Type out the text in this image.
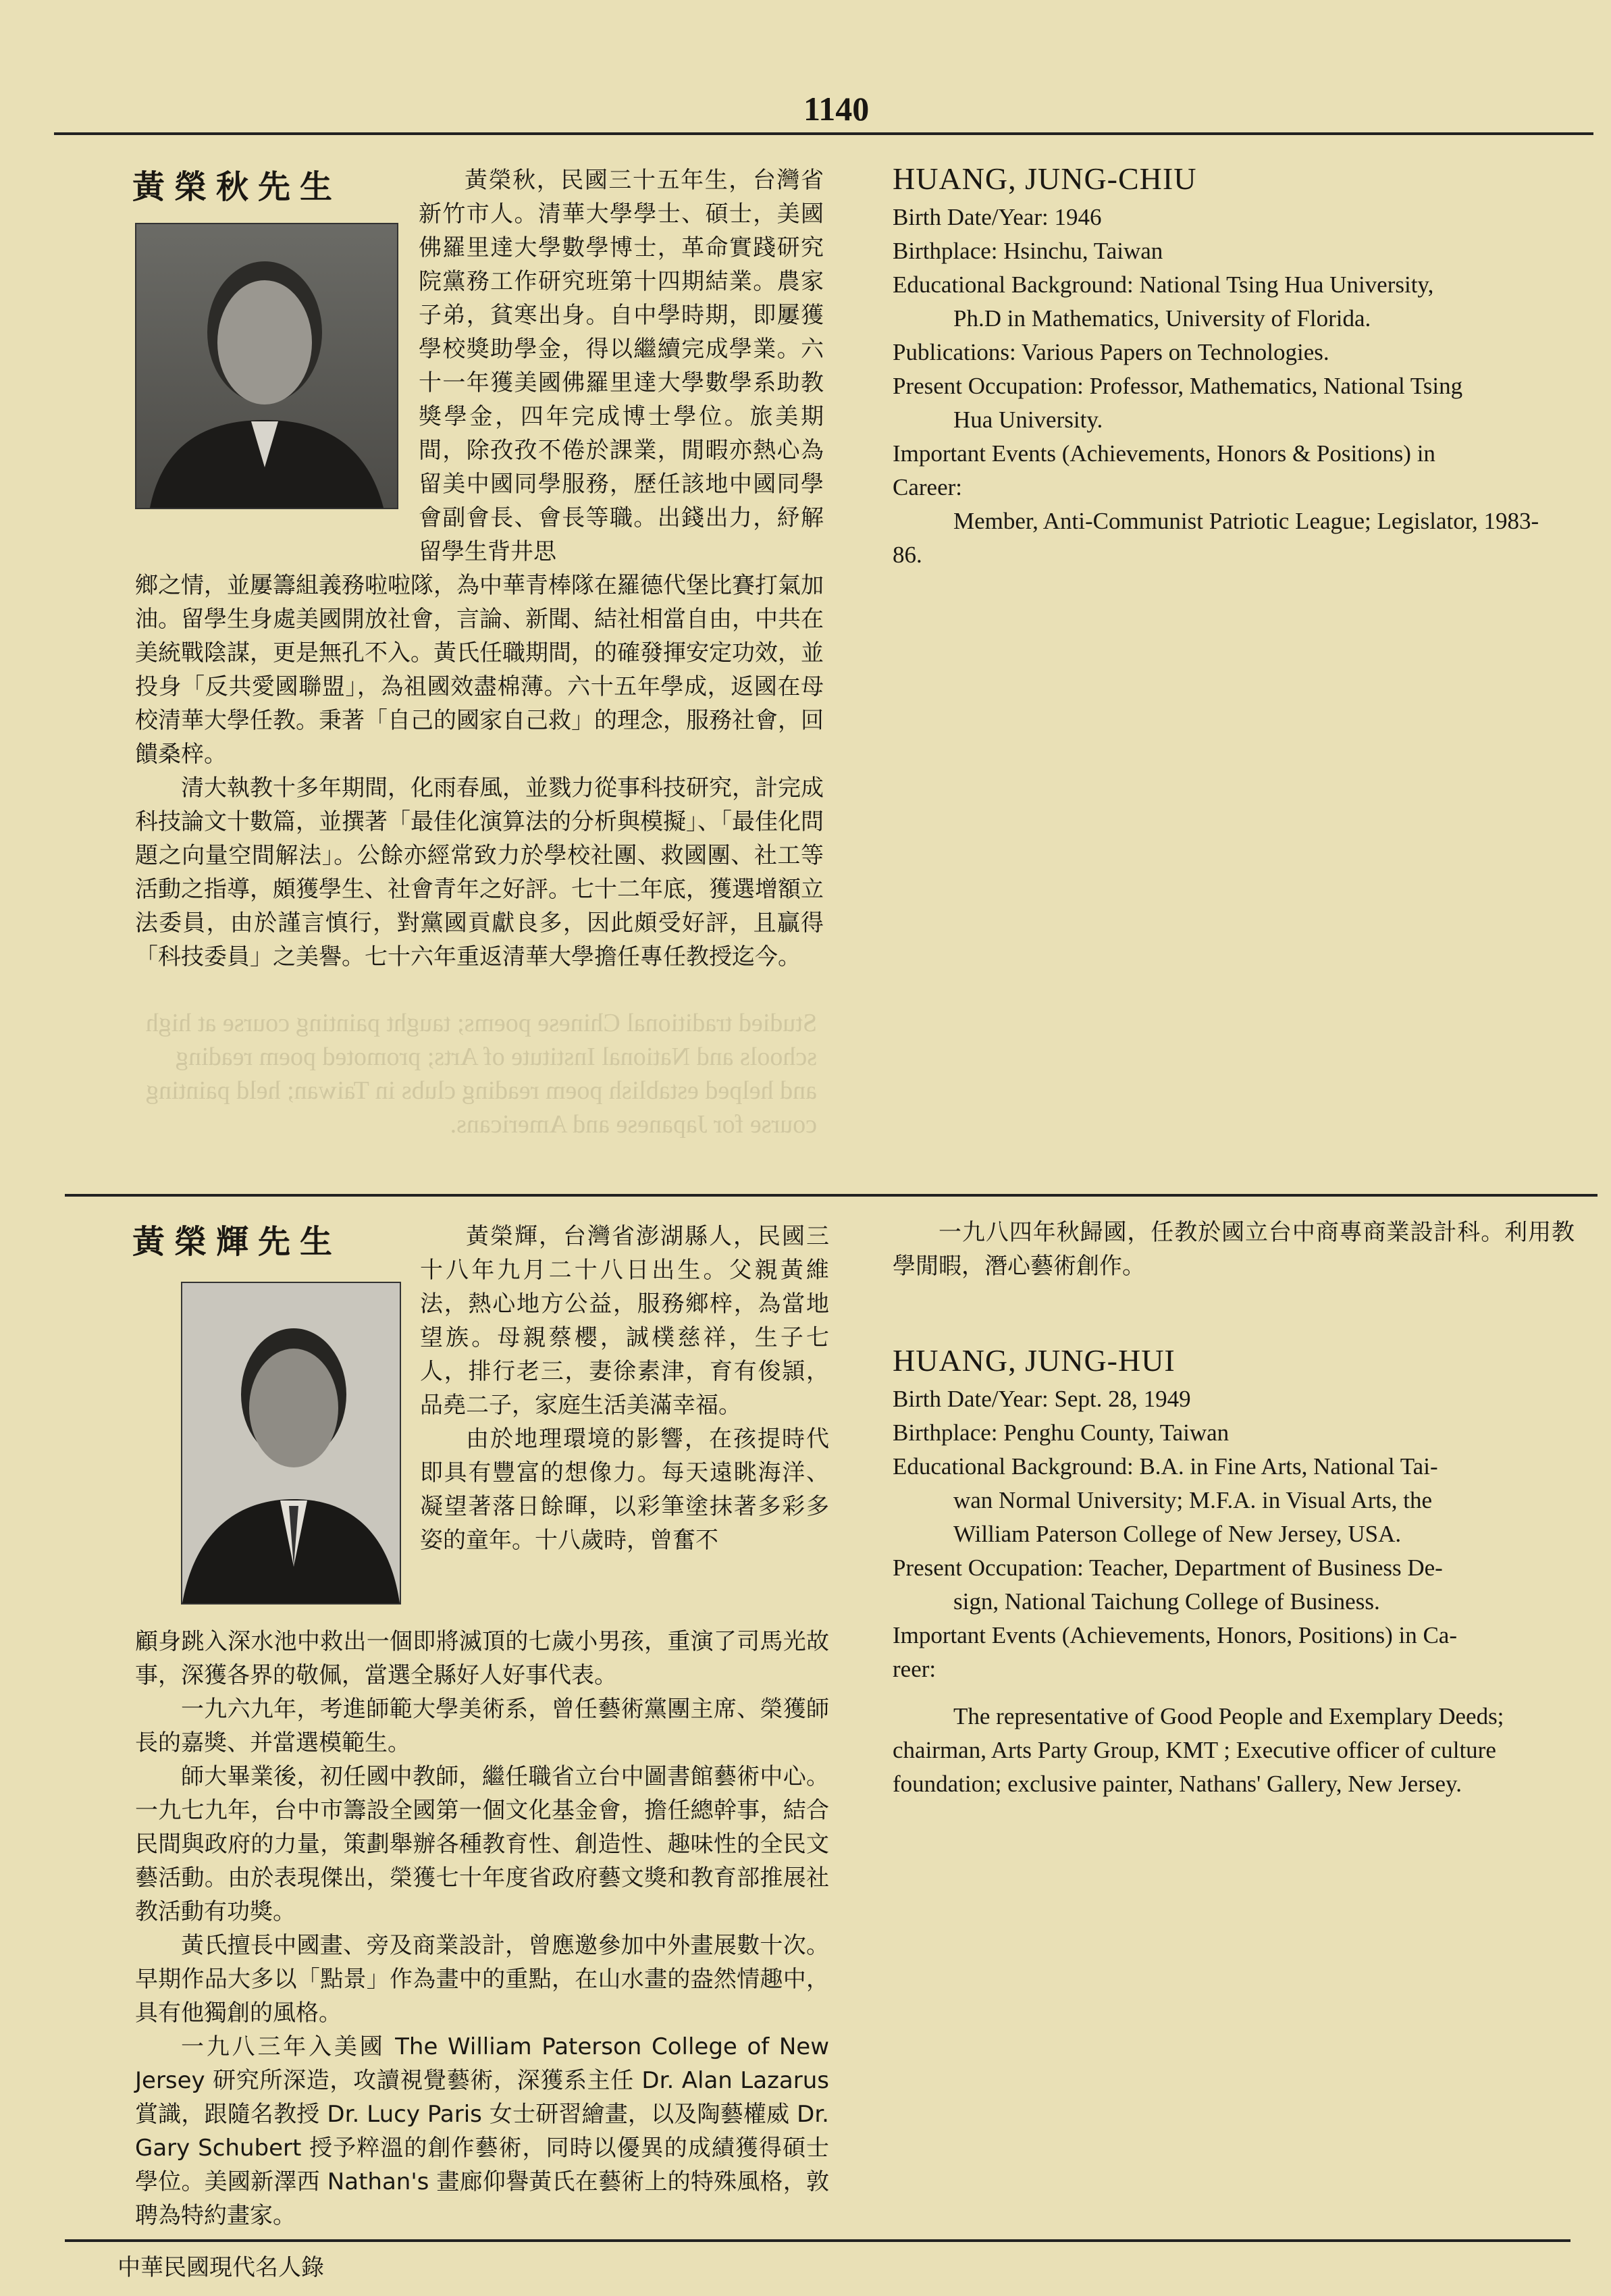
1140
Studied traditional Chinese poems; taught painting course at high schools and National Institute of Arts; promoted poem reading and helped establish poem reading clubs in Taiwan; held painting course for Japanese and Americans.
黃榮秋先生	黃榮秋，民國三十五年生，台灣省新竹市人。清華大學學士、碩士，美國佛羅里達大學數學博士，革命實踐研究院黨務工作研究班第十四期結業。農家子弟，貧寒出身。自中學時期，即屢獲學校獎助學金，得以繼續完成學業。六十一年獲美國佛羅里達大學數學系助教獎學金，四年完成博士學位。旅美期間，除孜孜不倦於課業，閒暇亦熱心為留美中國同學服務，歷任該地中國同學會副會長、會長等職。出錢出力，紓解留學生背井思

鄉之情，並屢籌組義務啦啦隊，為中華青棒隊在羅德代堡比賽打氣加油。留學生身處美國開放社會，言論、新聞、結社相當自由，中共在美統戰陰謀，更是無孔不入。黃氏任職期間，的確發揮安定功效，並投身「反共愛國聯盟」，為祖國效盡棉薄。六十五年學成，返國在母校清華大學任教。秉著「自己的國家自己救」的理念，服務社會，回饋桑梓。

清大執教十多年期間，化雨春風，並戮力從事科技研究，計完成科技論文十數篇，並撰著「最佳化演算法的分析與模擬」、「最佳化問題之向量空間解法」。公餘亦經常致力於學校社團、救國團、社工等活動之指導，頗獲學生、社會青年之好評。七十二年底，獲選增額立法委員，由於謹言慎行，對黨國貢獻良多，因此頗受好評，且贏得「科技委員」之美譽。七十六年重返清華大學擔任專任教授迄今。

HUANG, JUNG-CHIU
Birth Date/Year: 1946
Birthplace: Hsinchu, Taiwan
Educational Background: National Tsing Hua University,
Ph.D in Mathematics, University of Florida.
Publications: Various Papers on Technologies.
Present Occupation: Professor, Mathematics, National Tsing
Hua University.
Important Events (Achievements, Honors & Positions) in
Career:
Member, Anti-Communist Patriotic League; Legislator, 1983-86.
黃榮輝先生	黃榮輝，台灣省澎湖縣人，民國三十八年九月二十八日出生。父親黃維法，熱心地方公益，服務鄉梓，為當地望族。母親蔡櫻，誠樸慈祥，生子七人，排行老三，妻徐素津，育有俊頴，品堯二子，家庭生活美滿幸福。

由於地理環境的影響，在孩提時代即具有豐富的想像力。每天遠眺海洋、凝望著落日餘暉，以彩筆塗抹著多彩多姿的童年。十八歲時，曾奮不

顧身跳入深水池中救出一個即將滅頂的七歲小男孩，重演了司馬光故事，深獲各界的敬佩，當選全縣好人好事代表。

一九六九年，考進師範大學美術系，曾任藝術黨團主席、榮獲師長的嘉獎、并當選模範生。

師大畢業後，初任國中教師，繼任職省立台中圖書館藝術中心。一九七九年，台中市籌設全國第一個文化基金會，擔任總幹事，結合民間與政府的力量，策劃舉辦各種教育性、創造性、趣味性的全民文藝活動。由於表現傑出，榮獲七十年度省政府藝文獎和教育部推展社教活動有功獎。

黃氏擅長中國畫、旁及商業設計，曾應邀參加中外畫展數十次。早期作品大多以「點景」作為畫中的重點，在山水畫的盎然情趣中，具有他獨創的風格。

一九八三年入美國 The William Paterson College of New Jersey 研究所深造，攻讀視覺藝術，深獲系主任 Dr. Alan Lazarus 賞識，跟隨名教授 Dr. Lucy Paris 女士研習繪畫，以及陶藝權威 Dr. Gary Schubert 授予粹溫的創作藝術，同時以優異的成績獲得碩士學位。美國新澤西 Nathan's 畫廊仰譽黃氏在藝術上的特殊風格，敦聘為特約畫家。

一九八四年秋歸國，任教於國立台中商專商業設計科。利用教學閒暇，潛心藝術創作。

HUANG, JUNG-HUI
Birth Date/Year: Sept. 28, 1949
Birthplace: Penghu County, Taiwan
Educational Background: B.A. in Fine Arts, National Tai-
wan Normal University; M.F.A. in Visual Arts, the
William Paterson College of New Jersey, USA.
Present Occupation: Teacher, Department of Business De-
sign, National Taichung College of Business.
Important Events (Achievements, Honors, Positions) in Ca-
reer:
The representative of Good People and Exemplary Deeds; chairman, Arts Party Group, KMT ; Executive officer of culture foundation; exclusive painter, Nathans' Gallery, New Jersey.
中華民國現代名人錄
